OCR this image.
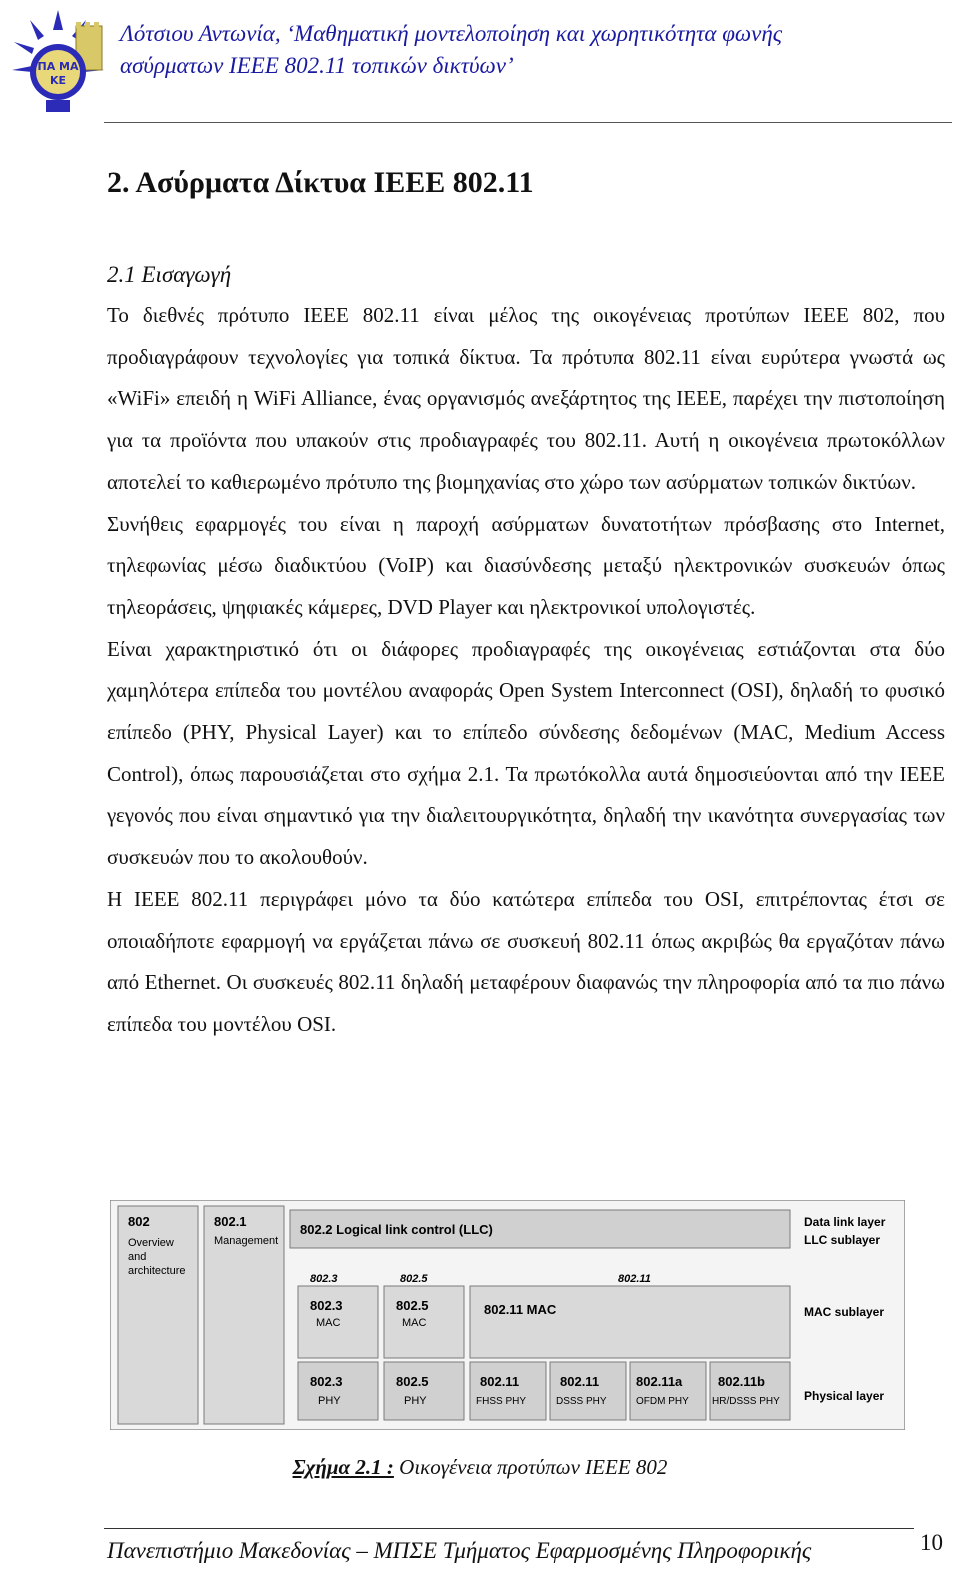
ΠΑ ΜΑ
ΚΕ
Λότσιου Αντωνία, ‘Μαθηματική μοντελοποίηση και χωρητικότητα φωνής
ασύρματων IEEE 802.11 τοπικών δικτύων’
2. Ασύρματα Δίκτυα IEEE 802.11
2.1 Εισαγωγή

Το διεθνές πρότυπο IEEE 802.11 είναι μέλος της οικογένειας προτύπων IEEE 802, που προδιαγράφουν τεχνολογίες για τοπικά δίκτυα. Τα πρότυπα 802.11 είναι ευρύτερα γνωστά ως «WiFi» επειδή η WiFi Alliance, ένας οργανισμός ανεξάρτητος της IEEE, παρέχει την πιστοποίηση για τα προϊόντα που υπακούν στις προδιαγραφές του 802.11. Αυτή η οικογένεια πρωτοκόλλων αποτελεί το καθιερωμένο πρότυπο της βιομηχανίας στο χώρο των ασύρματων τοπικών δικτύων.

Συνήθεις εφαρμογές του είναι η παροχή ασύρματων δυνατοτήτων πρόσβασης στο Internet, τηλεφωνίας μέσω διαδικτύου (VoIP) και διασύνδεσης μεταξύ ηλεκτρονικών συσκευών όπως τηλεοράσεις, ψηφιακές κάμερες, DVD Player και ηλεκτρονικοί υπολογιστές.

Είναι χαρακτηριστικό ότι οι διάφορες προδιαγραφές της οικογένειας εστιάζονται στα δύο χαμηλότερα επίπεδα του μοντέλου αναφοράς Open System Interconnect (OSI), δηλαδή το φυσικό επίπεδο (PHY, Physical Layer) και το επίπεδο σύνδεσης δεδομένων (MAC, Medium Access Control), όπως παρουσιάζεται στο σχήμα 2.1. Τα πρωτόκολλα αυτά δημοσιεύονται από την IEEE γεγονός που είναι σημαντικό για την διαλειτουργικότητα, δηλαδή την ικανότητα συνεργασίας των συσκευών που το ακολουθούν.

Η IEEE 802.11 περιγράφει μόνο τα δύο κατώτερα επίπεδα του OSI, επιτρέποντας έτσι σε οποιαδήποτε εφαρμογή να εργάζεται πάνω σε συσκευή 802.11 όπως ακριβώς θα εργαζόταν πάνω από Ethernet. Οι συσκευές 802.11 δηλαδή μεταφέρουν διαφανώς την πληροφορία από τα πιο πάνω επίπεδα του μοντέλου OSI.

802
Overview
and
architecture
802.1
Management
802.2 Logical link control (LLC)
802.3	802.5	802.11
802.3
MAC
802.5
MAC
802.11 MAC
802.3
PHY
802.5
PHY
802.11
FHSS PHY
802.11
DSSS PHY
802.11a
OFDM PHY
802.11b
HR/DSSS PHY
Data link layer
LLC sublayer
MAC sublayer
Physical layer
Σχήμα 2.1 : Οικογένεια προτύπων IEEE 802
Πανεπιστήμιο Μακεδονίας – ΜΠΣΕ Τμήματος Εφαρμοσμένης Πληροφορικής	10
